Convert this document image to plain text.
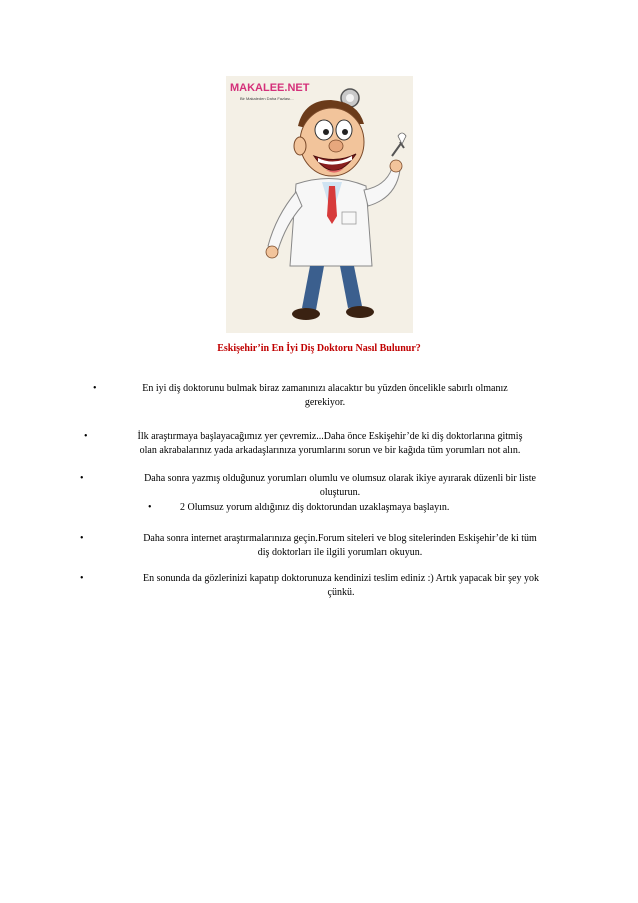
MAKALEE.NET
Bir Makaleden Daha Fazlası...
Eskişehir’in En İyi Diş Doktoru Nasıl Bulunur?
•	En iyi diş doktorunu bulmak biraz zamanınızı alacaktır bu yüzden öncelikle sabırlı olmanız
gerekiyor.
•	İlk araştırmaya başlayacağımız yer çevremiz...Daha önce Eskişehir’de ki diş doktorlarına gitmiş
olan akrabalarınız yada arkadaşlarınıza yorumlarını sorun ve bir kağıda tüm yorumları not alın.
•	Daha sonra yazmış olduğunuz yorumları olumlu ve olumsuz olarak ikiye ayırarak düzenli bir liste
oluşturun.
•	2 Olumsuz yorum aldığınız diş doktorundan uzaklaşmaya başlayın.
•	Daha sonra internet araştırmalarınıza geçin.Forum siteleri ve blog sitelerinden Eskişehir’de ki tüm
diş doktorları ile ilgili yorumları okuyun.
•	En sonunda da gözlerinizi kapatıp doktorunuza kendinizi teslim ediniz :) Artık yapacak bir şey yok
çünkü.
